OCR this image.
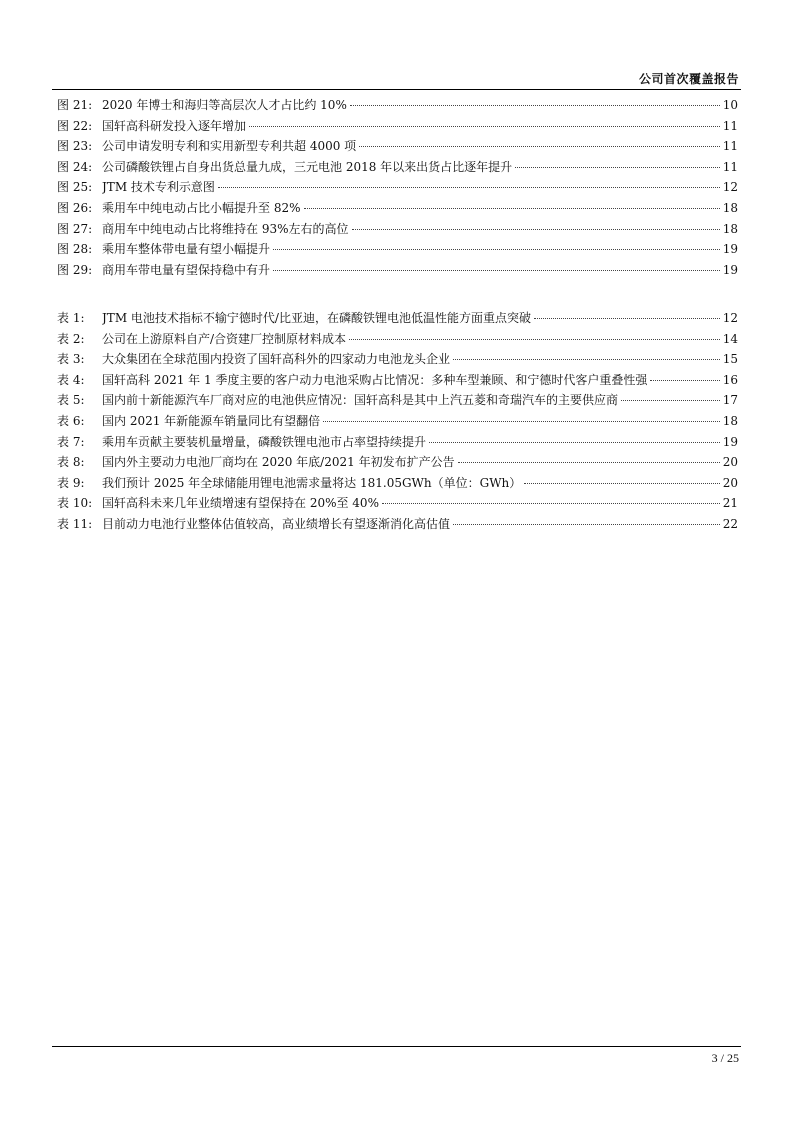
公司首次覆盖报告
图 21: 2020 年博士和海归等高层次人才占比约 10%	10
图 22: 国轩高科研发投入逐年增加	11
图 23: 公司申请发明专利和实用新型专利共超 4000 项	11
图 24: 公司磷酸铁锂占自身出货总量九成，三元电池 2018 年以来出货占比逐年提升	11
图 25: JTM 技术专利示意图	12
图 26: 乘用车中纯电动占比小幅提升至 82%	18
图 27: 商用车中纯电动占比将维持在 93%左右的高位	18
图 28: 乘用车整体带电量有望小幅提升	19
图 29: 商用车带电量有望保持稳中有升	19
表 1:	JTM 电池技术指标不输宁德时代/比亚迪，在磷酸铁锂电池低温性能方面重点突破	12
表 2:	公司在上游原料自产/合资建厂控制原材料成本	14
表 3:	大众集团在全球范围内投资了国轩高科外的四家动力电池龙头企业	15
表 4:	国轩高科 2021 年 1 季度主要的客户动力电池采购占比情况：多种车型兼顾、和宁德时代客户重叠性强	16
表 5:	国内前十新能源汽车厂商对应的电池供应情况：国轩高科是其中上汽五菱和奇瑞汽车的主要供应商	17
表 6:	国内 2021 年新能源车销量同比有望翻倍	18
表 7:	乘用车贡献主要装机量增量，磷酸铁锂电池市占率望持续提升	19
表 8:	国内外主要动力电池厂商均在 2020 年底/2021 年初发布扩产公告	20
表 9:	我们预计 2025 年全球储能用锂电池需求量将达 181.05GWh（单位：GWh）	20
表 10: 国轩高科未来几年业绩增速有望保持在 20%至 40%	21
表 11: 目前动力电池行业整体估值较高，高业绩增长有望逐渐消化高估值	22
3 / 25
